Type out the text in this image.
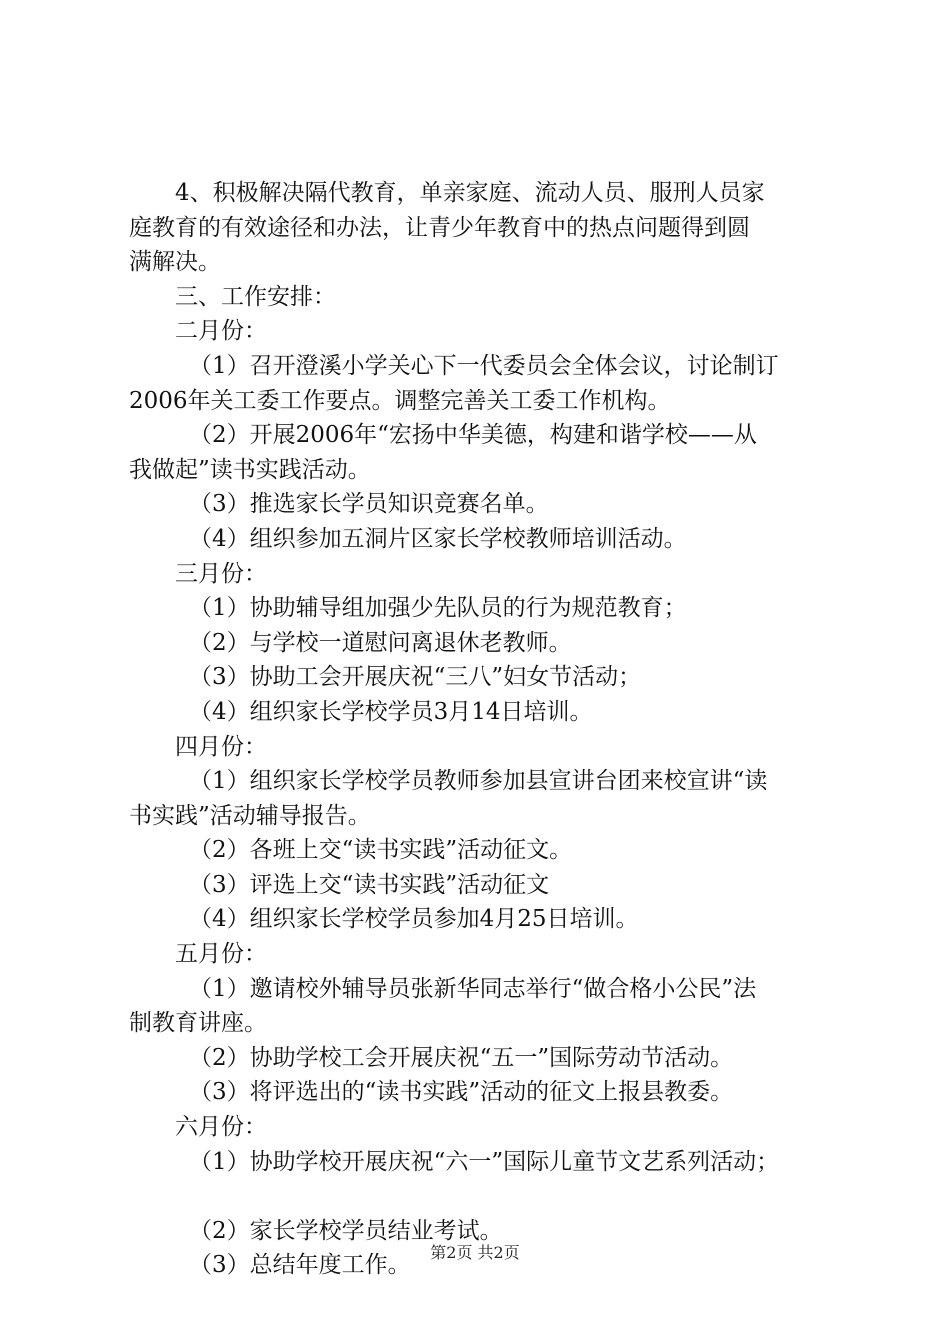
4、积极解决隔代教育，单亲家庭、流动人员、服刑人员家
庭教育的有效途径和办法，让青少年教育中的热点问题得到圆
满解决。
三、工作安排：
二月份：
（1）召开澄溪小学关心下一代委员会全体会议，讨论制订
2006年关工委工作要点。调整完善关工委工作机构。
（2）开展2006年“宏扬中华美德，构建和谐学校——从
我做起”读书实践活动。
（3）推选家长学员知识竞赛名单。
（4）组织参加五洞片区家长学校教师培训活动。
三月份：
（1）协助辅导组加强少先队员的行为规范教育；
（2）与学校一道慰问离退休老教师。
（3）协助工会开展庆祝“三八”妇女节活动；
（4）组织家长学校学员3月14日培训。
四月份：
（1）组织家长学校学员教师参加县宣讲台团来校宣讲“读
书实践”活动辅导报告。
（2）各班上交“读书实践”活动征文。
（3）评选上交“读书实践”活动征文
（4）组织家长学校学员参加4月25日培训。
五月份：
（1）邀请校外辅导员张新华同志举行“做合格小公民”法
制教育讲座。
（2）协助学校工会开展庆祝“五一”国际劳动节活动。
（3）将评选出的“读书实践”活动的征文上报县教委。
六月份：
（1）协助学校开展庆祝“六一”国际儿童节文艺系列活动；
（2）家长学校学员结业考试。
（3）总结年度工作。	第2页 共2页
